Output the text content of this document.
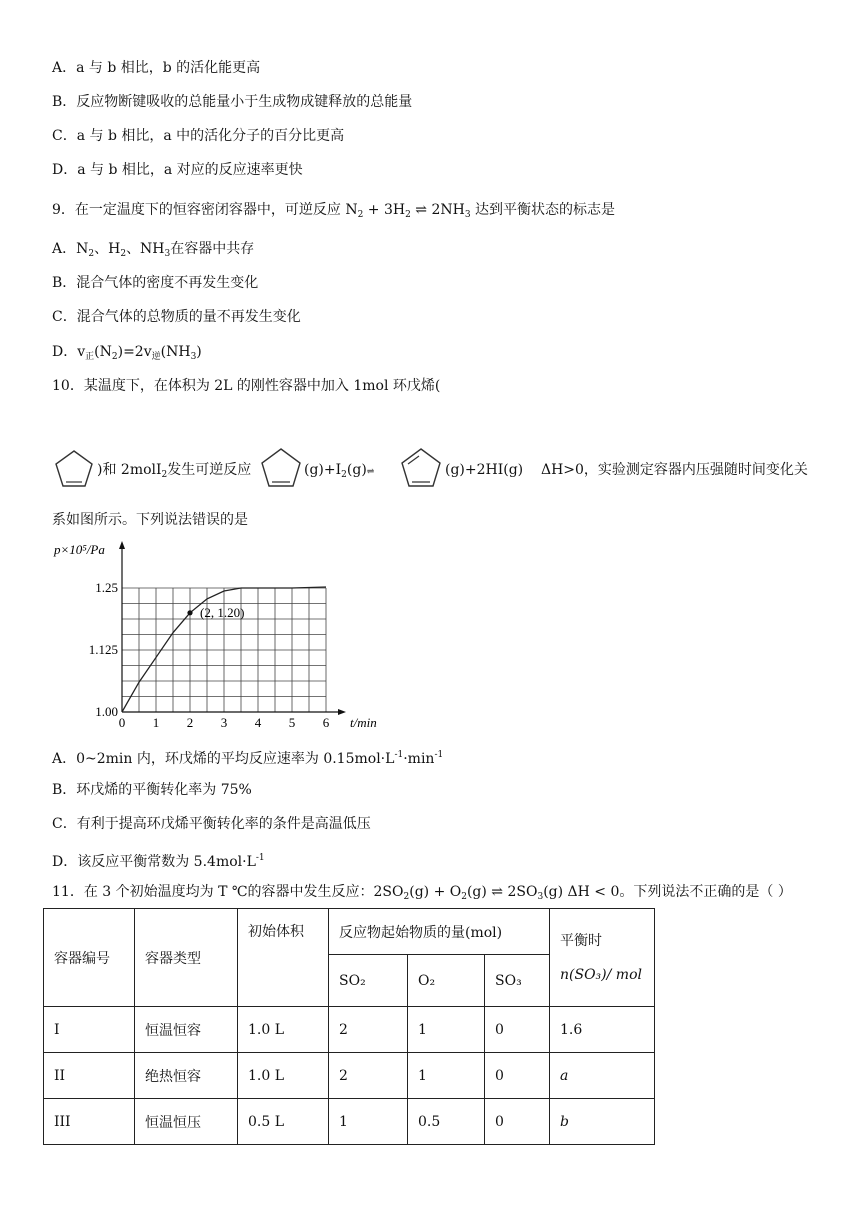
A．a 与 b 相比，b 的活化能更高
B．反应物断键吸收的总能量小于生成物成键释放的总能量
C．a 与 b 相比，a 中的活化分子的百分比更高
D．a 与 b 相比，a 对应的反应速率更快
9．在一定温度下的恒容密闭容器中，可逆反应 $N_2 + 3H_2$ ⇌ $2NH_3$ 达到平衡状态的标志是
A．$N_2$、$H_2$、$NH_3$在容器中共存
B．混合气体的密度不再发生变化
C．混合气体的总物质的量不再发生变化
D．$v_正(N_2)=2v_逆(NH_3)$
10．某温度下，在体积为 2L 的刚性容器中加入 1mol 环戊烯(
)和 2molI$_2$发生可逆反应	$(g)+I_2(g)\rightleftharpoons$	(g)+2HI(g) ΔH>0，实验测定容器内压强随时间变化关
系如图所示。下列说法错误的是
0 1 2 3 4 5 6
1.00
1.125
1.25
(2, 1.20)
p×10⁵/Pa
t/min
A．0~2min 内，环戊烯的平均反应速率为 $0.15mol\cdot L^{-1}\cdot\min^{-1}$
B．环戊烯的平衡转化率为 75%
C．有利于提高环戊烯平衡转化率的条件是高温低压
D．该反应平衡常数为 $5.4mol\cdot L^{-1}$
11．在 3 个初始温度均为 T ℃的容器中发生反应：$2SO_2(g) + O_2(g)$ ⇌ $2SO_3(g) \Delta H < 0$。下列说法不正确的是（ ）
容器编号	容器类型	初始体积	反应物起始物质的量(mol)			平衡时
n(SO₃)/ mol

			SO₂	O₂	SO₃	
I	恒温恒容	1.0 L	2	1	0	1.6
II	绝热恒容	1.0 L	2	1	0	a
III	恒温恒压	0.5 L	1	0.5	0	b
